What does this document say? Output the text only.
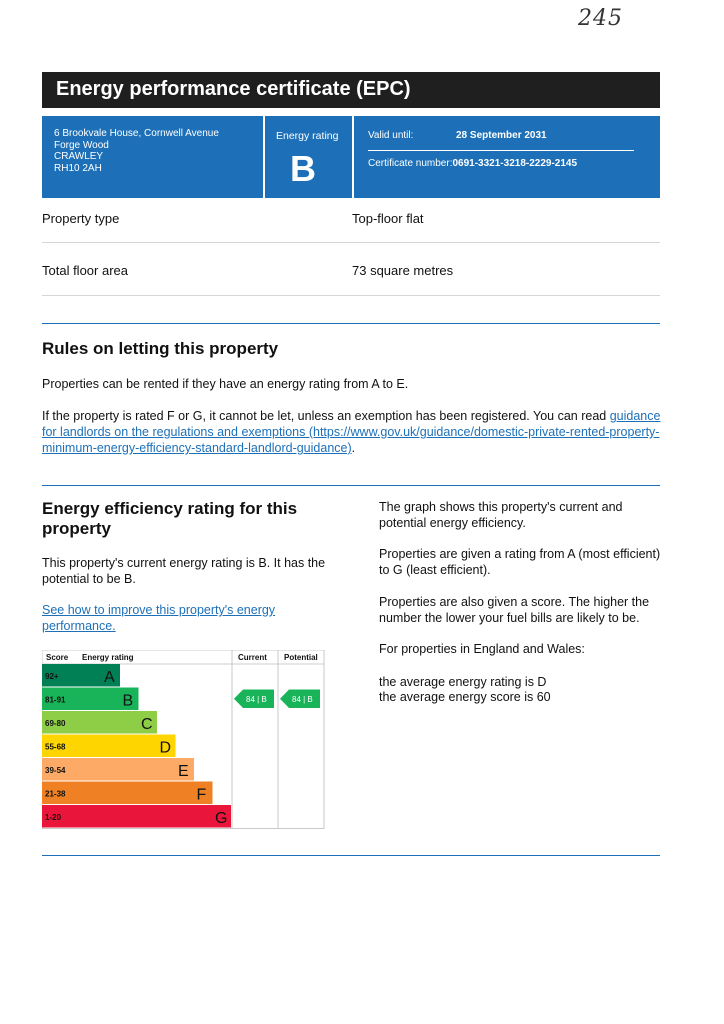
245
Energy performance certificate (EPC)
6 Brookvale House, Cornwell Avenue
Forge Wood
CRAWLEY
RH10 2AH
Energy rating
B
Valid until:	28 September 2031
Certificate number:0691-3321-3218-2229-2145
Property type	Top-floor flat
Total floor area	73 square metres
Rules on letting this property

Properties can be rented if they have an energy rating from A to E.

If the property is rated F or G, it cannot be let, unless an exemption has been registered. You can read guidance for landlords on the regulations and exemptions (https://www.gov.uk/guidance/domestic-private-rented-property-minimum-energy-efficiency-standard-landlord-guidance).

Energy efficiency rating for this property

This property's current energy rating is B. It has the potential to be B.

See how to improve this property's energy performance.

Score Energy rating	Current Potential
92+	A
81-91	B
69-80	C
55-68	D
39-54	E
21-38	F
1-20	G
84 | B	84 | B

The graph shows this property's current and potential energy efficiency.

Properties are given a rating from A (most efficient) to G (least efficient).

Properties are also given a score. The higher the number the lower your fuel bills are likely to be.

For properties in England and Wales:

the average energy rating is D

the average energy score is 60
